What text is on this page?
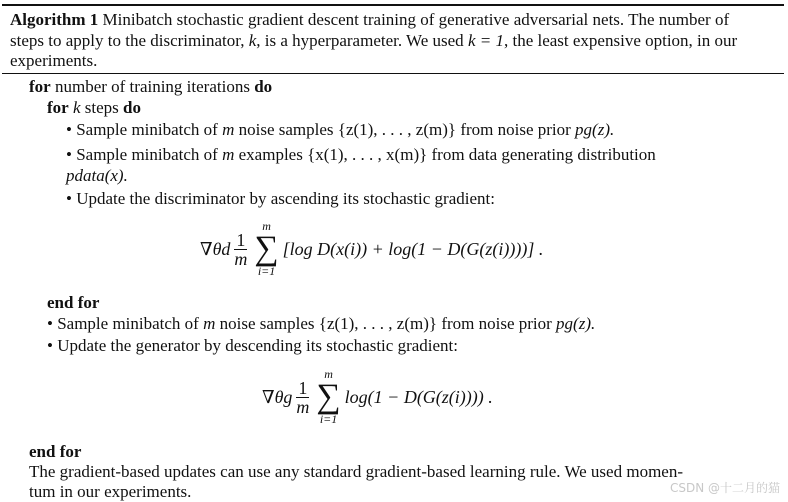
Algorithm 1 Minibatch stochastic gradient descent training of generative adversarial nets. The number of
steps to apply to the discriminator, k, is a hyperparameter. We used k = 1, the least expensive option, in our
experiments.
for number of training iterations do
for k steps do
• Sample minibatch of m noise samples {z(1), . . . , z(m)} from noise prior pg(z).
• Sample minibatch of m examples {x(1), . . . , x(m)} from data generating distribution
pdata(x).
• Update the discriminator by ascending its stochastic gradient:
$\nabla\theta d \frac{1}{m}$
m
∑
i=1
[log D(x(i)) + log(1 − D(G(z(i))))] .
end for
• Sample minibatch of m noise samples {z(1), . . . , z(m)} from noise prior pg(z).
• Update the generator by descending its stochastic gradient:
$\nabla\theta g \frac{1}{m}$
m
∑
i=1
log(1 − D(G(z(i)))) .
end for
The gradient-based updates can use any standard gradient-based learning rule. We used momen-
tum in our experiments.	CSDN @十二月的猫
